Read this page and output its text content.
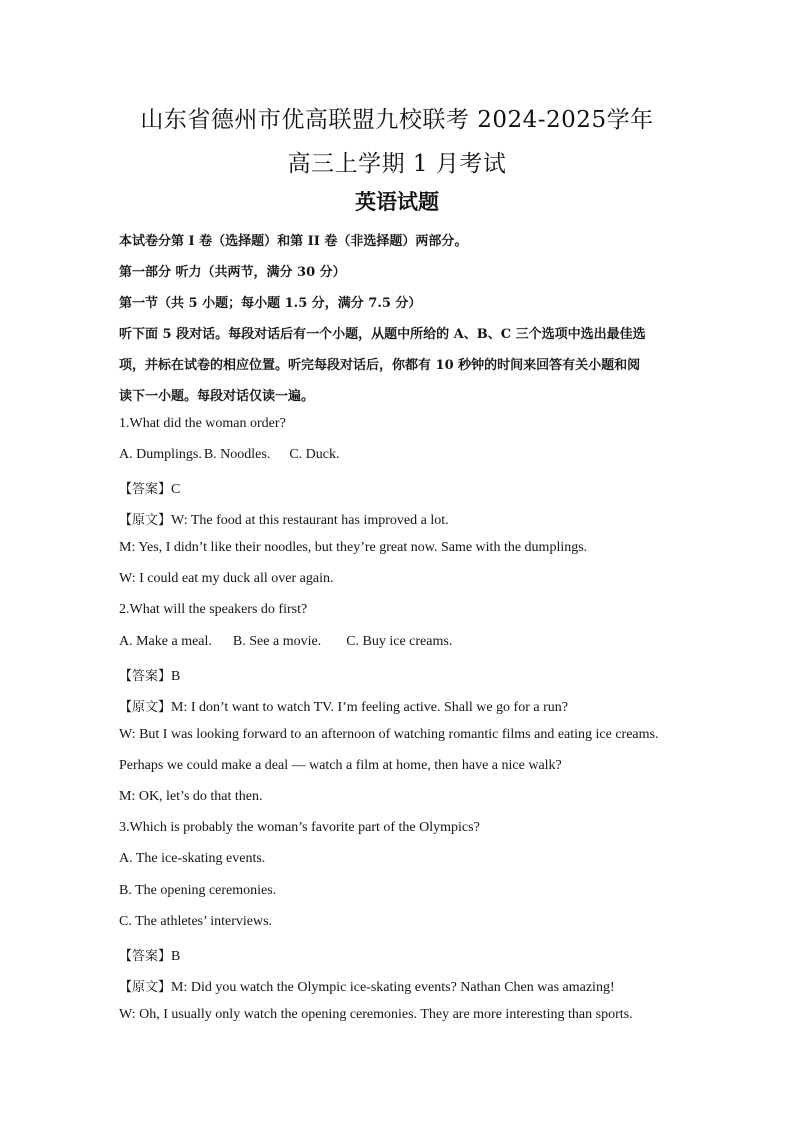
山东省德州市优高联盟九校联考 2024-2025学年
高三上学期 1 月考试
英语试题
本试卷分第 I 卷（选择题）和第 II 卷（非选择题）两部分。
第一部分 听力（共两节，满分 30 分）
第一节（共 5 小题；每小题 1.5 分，满分 7.5 分）
听下面 5 段对话。每段对话后有一个小题，从题中所给的 A、B、C 三个选项中选出最佳选
项，并标在试卷的相应位置。听完每段对话后，你都有 10 秒钟的时间来回答有关小题和阅
读下一小题。每段对话仅读一遍。
1.What did the woman order?
A. Dumplings. B. Noodles. C. Duck.
【答案】C
【原文】W: The food at this restaurant has improved a lot.
M: Yes, I didn’t like their noodles, but they’re great now. Same with the dumplings.
W: I could eat my duck all over again.
2.What will the speakers do first?
A. Make a meal. B. See a movie. C. Buy ice creams.
【答案】B
【原文】M: I don’t want to watch TV. I’m feeling active. Shall we go for a run?
W: But I was looking forward to an afternoon of watching romantic films and eating ice creams.
Perhaps we could make a deal — watch a film at home, then have a nice walk?
M: OK, let’s do that then.
3.Which is probably the woman’s favorite part of the Olympics?
A. The ice-skating events.
B. The opening ceremonies.
C. The athletes’ interviews.
【答案】B
【原文】M: Did you watch the Olympic ice-skating events? Nathan Chen was amazing!
W: Oh, I usually only watch the opening ceremonies. They are more interesting than sports.
